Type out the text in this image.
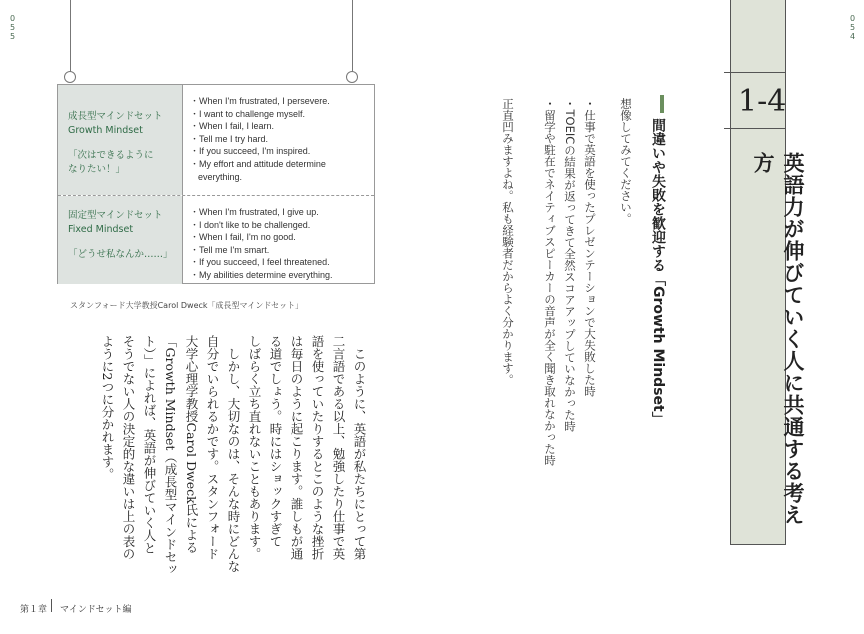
055	054
成長型マインドセット
Growth Mindset
「次はできるように
なりたい！」
・When I'm frustrated, I persevere.
・I want to challenge myself.
・When I fail, I learn.
・Tell me I try hard.
・If you succeed, I'm inspired.
・My effort and attitude determine everything.
固定型マインドセット
Fixed Mindset
「どうせ私なんか……」
・When I'm frustrated, I give up.
・I don't like to be challenged.
・When I fail, I'm no good.
・Tell me I'm smart.
・If you succeed, I feel threatened.
・My abilities determine everything.
スタンフォード大学教授Carol Dweck「成長型マインドセット」
　このように、英語が私たちにとって第
二言語である以上、勉強したり仕事で英
語を使っていたりするとこのような挫折
は毎日のように起こります。誰しもが通
る道でしょう。時にはショックすぎて
しばらく立ち直れないこともあります。
　しかし、大切なのは、そんな時にどんな
自分でいられるかです。スタンフォード
大学心理学教授Carol Dweck氏による
「Growth Mindset（成長型マインドセッ
ト）」によれば、英語が伸びていく人と
そうでない人の決定的な違いは上の表の
ように2つに分かれます。
第１章 マインドセット編
1-4
英語力が伸びていく人に共通する考え方
間違いや失敗を歓迎する「Growth Mindset」
想像してみてください。
・仕事で英語を使ったプレゼンテーションで大失敗した時
・TOEICの結果が返ってきて全然スコアアップしていなかった時
・留学や駐在でネイティブスピーカーの音声が全く聞き取れなかった時
正直凹みますよね。私も経験者だからよく分かります。
